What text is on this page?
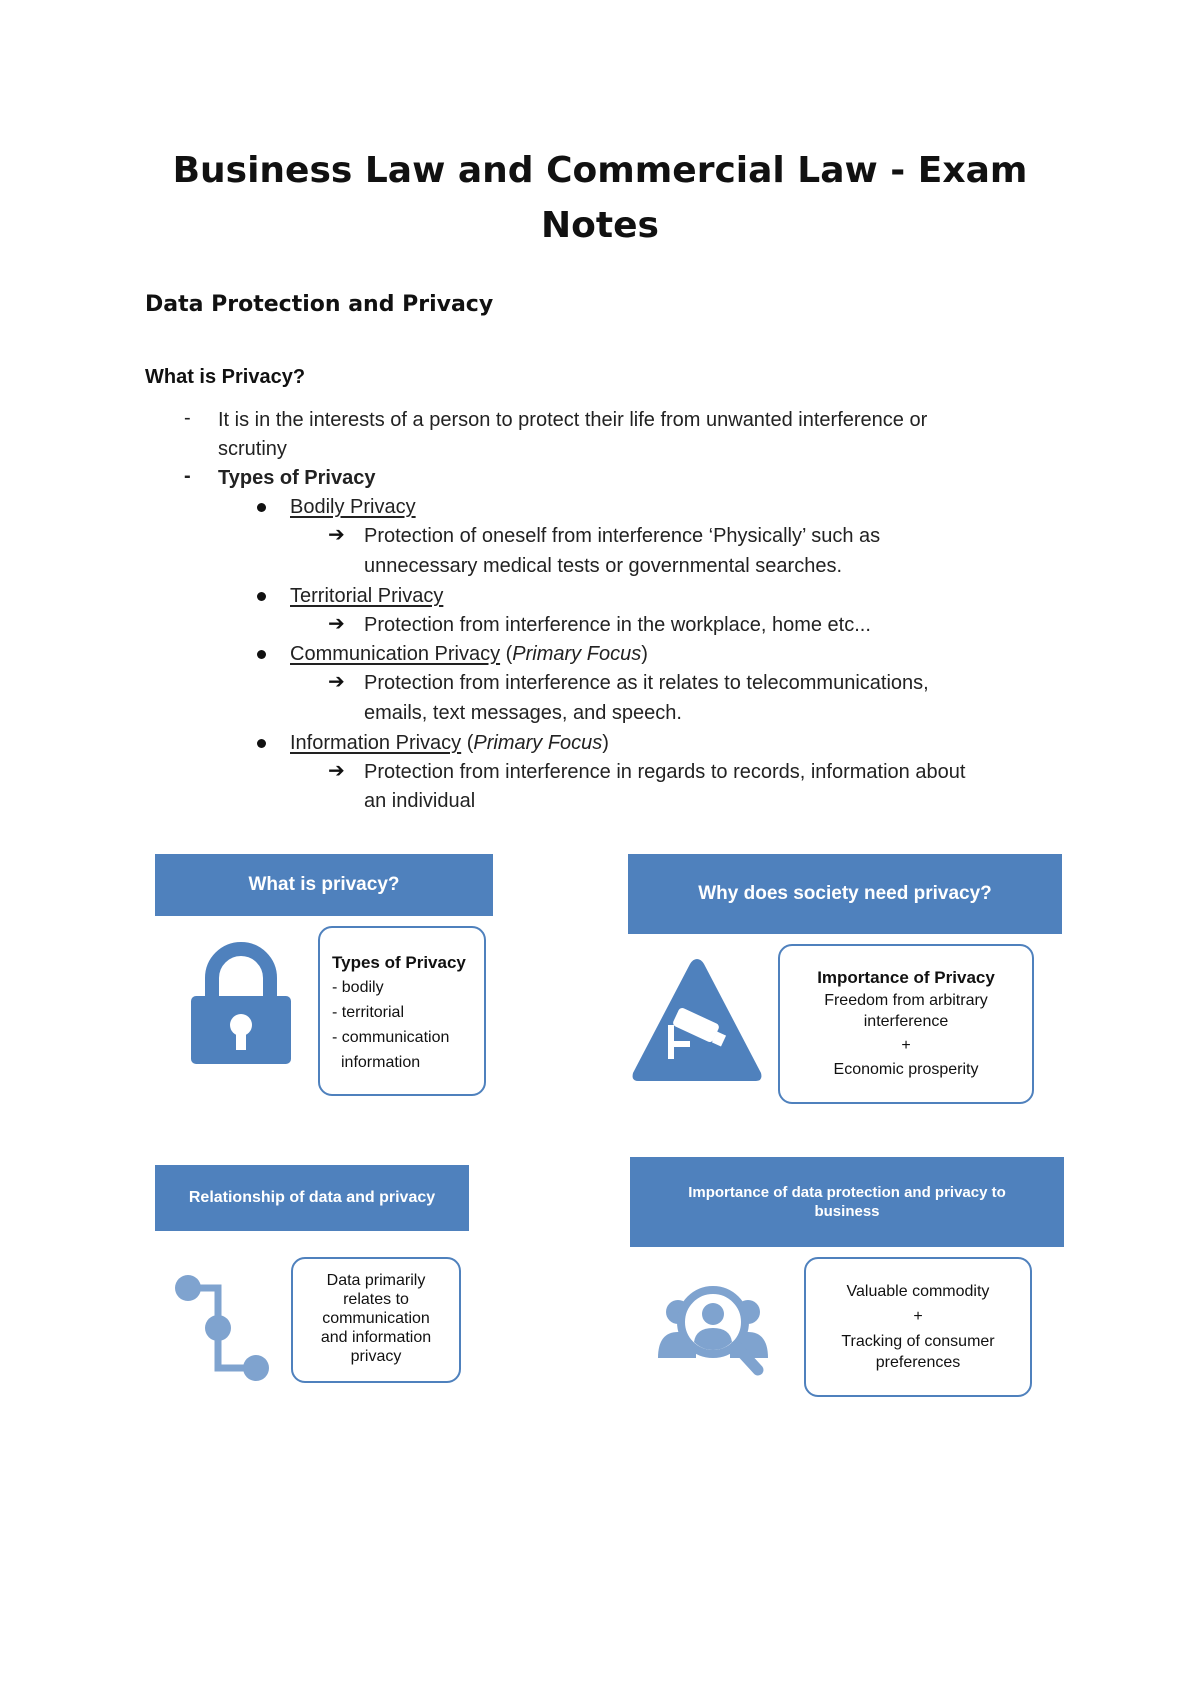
Business Law and Commercial Law - Exam
Notes
Data Protection and Privacy
What is Privacy?
- It is in the interests of a person to protect their life from unwanted interference or
scrutiny
- Types of Privacy
Bodily Privacy
➔ Protection of oneself from interference ‘Physically’ such as
unnecessary medical tests or governmental searches.
Territorial Privacy
➔ Protection from interference in the workplace, home etc...
Communication Privacy (Primary Focus)
➔ Protection from interference as it relates to telecommunications,
emails, text messages, and speech.
Information Privacy (Primary Focus)
➔ Protection from interference in regards to records, information about
an individual
What is privacy?
Types of Privacy
- bodily
- territorial
- communication
information
Why does society need privacy?
Importance of Privacy
Freedom from arbitrary
interference
+
Economic prosperity
Relationship of data and privacy
Data primarily
relates to
communication
and information
privacy
Importance of data protection and privacy to
business
Valuable commodity
+
Tracking of consumer
preferences
